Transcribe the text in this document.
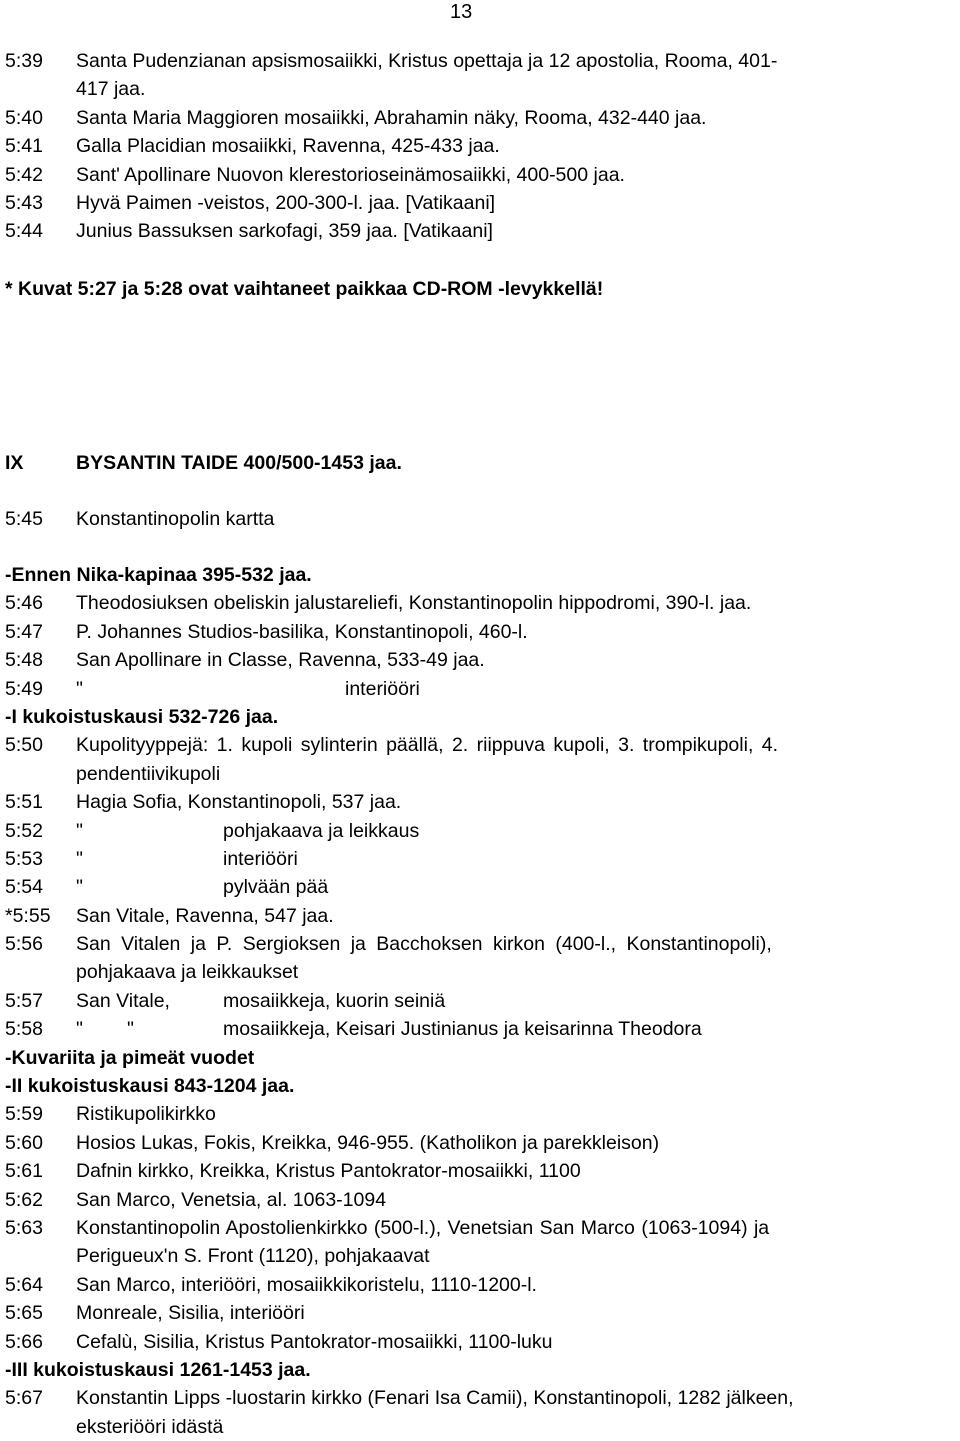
13
5:39 Santa Pudenzianan apsismosaiikki, Kristus opettaja ja 12 apostolia, Rooma, 401-
417 jaa.
5:40 Santa Maria Maggioren mosaiikki, Abrahamin näky, Rooma, 432-440 jaa.
5:41 Galla Placidian mosaiikki, Ravenna, 425-433 jaa.
5:42 Sant' Apollinare Nuovon klerestorioseinämosaiikki, 400-500 jaa.
5:43 Hyvä Paimen -veistos, 200-300-l. jaa. [Vatikaani]
5:44 Junius Bassuksen sarkofagi, 359 jaa. [Vatikaani]
* Kuvat 5:27 ja 5:28 ovat vaihtaneet paikkaa CD-ROM -levykkellä!
IX	BYSANTIN TAIDE 400/500-1453 jaa.
5:45 Konstantinopolin kartta
-Ennen Nika-kapinaa 395-532 jaa.
5:46 Theodosiuksen obeliskin jalustareliefi, Konstantinopolin hippodromi, 390-l. jaa.
5:47 P. Johannes Studios-basilika, Konstantinopoli, 460-l.
5:48 San Apollinare in Classe, Ravenna, 533-49 jaa.
5:49 "	interiööri
-I kukoistuskausi 532-726 jaa.
5:50 Kupolityyppejä: 1. kupoli sylinterin päällä, 2. riippuva kupoli, 3. trompikupoli, 4.
pendentiivikupoli
5:51 Hagia Sofia, Konstantinopoli, 537 jaa.
5:52 "	pohjakaava ja leikkaus
5:53 "	interiööri
5:54 "	pylvään pää
*5:55 San Vitale, Ravenna, 547 jaa.
5:56 San Vitalen ja P. Sergioksen ja Bacchoksen kirkon (400-l., Konstantinopoli),
pohjakaava ja leikkaukset
5:57 San Vitale,	mosaiikkeja, kuorin seiniä
5:58 " "	mosaiikkeja, Keisari Justinianus ja keisarinna Theodora
-Kuvariita ja pimeät vuodet
-II kukoistuskausi 843-1204 jaa.
5:59 Ristikupolikirkko
5:60 Hosios Lukas, Fokis, Kreikka, 946-955. (Katholikon ja parekkleison)
5:61 Dafnin kirkko, Kreikka, Kristus Pantokrator-mosaiikki, 1100
5:62 San Marco, Venetsia, al. 1063-1094
5:63 Konstantinopolin Apostolienkirkko (500-l.), Venetsian San Marco (1063-1094) ja
Perigueux'n S. Front (1120), pohjakaavat
5:64 San Marco, interiööri, mosaiikkikoristelu, 1110-1200-l.
5:65 Monreale, Sisilia, interiööri
5:66 Cefalù, Sisilia, Kristus Pantokrator-mosaiikki, 1100-luku
-III kukoistuskausi 1261-1453 jaa.
5:67 Konstantin Lipps -luostarin kirkko (Fenari Isa Camii), Konstantinopoli, 1282 jälkeen,
eksteriööri idästä
